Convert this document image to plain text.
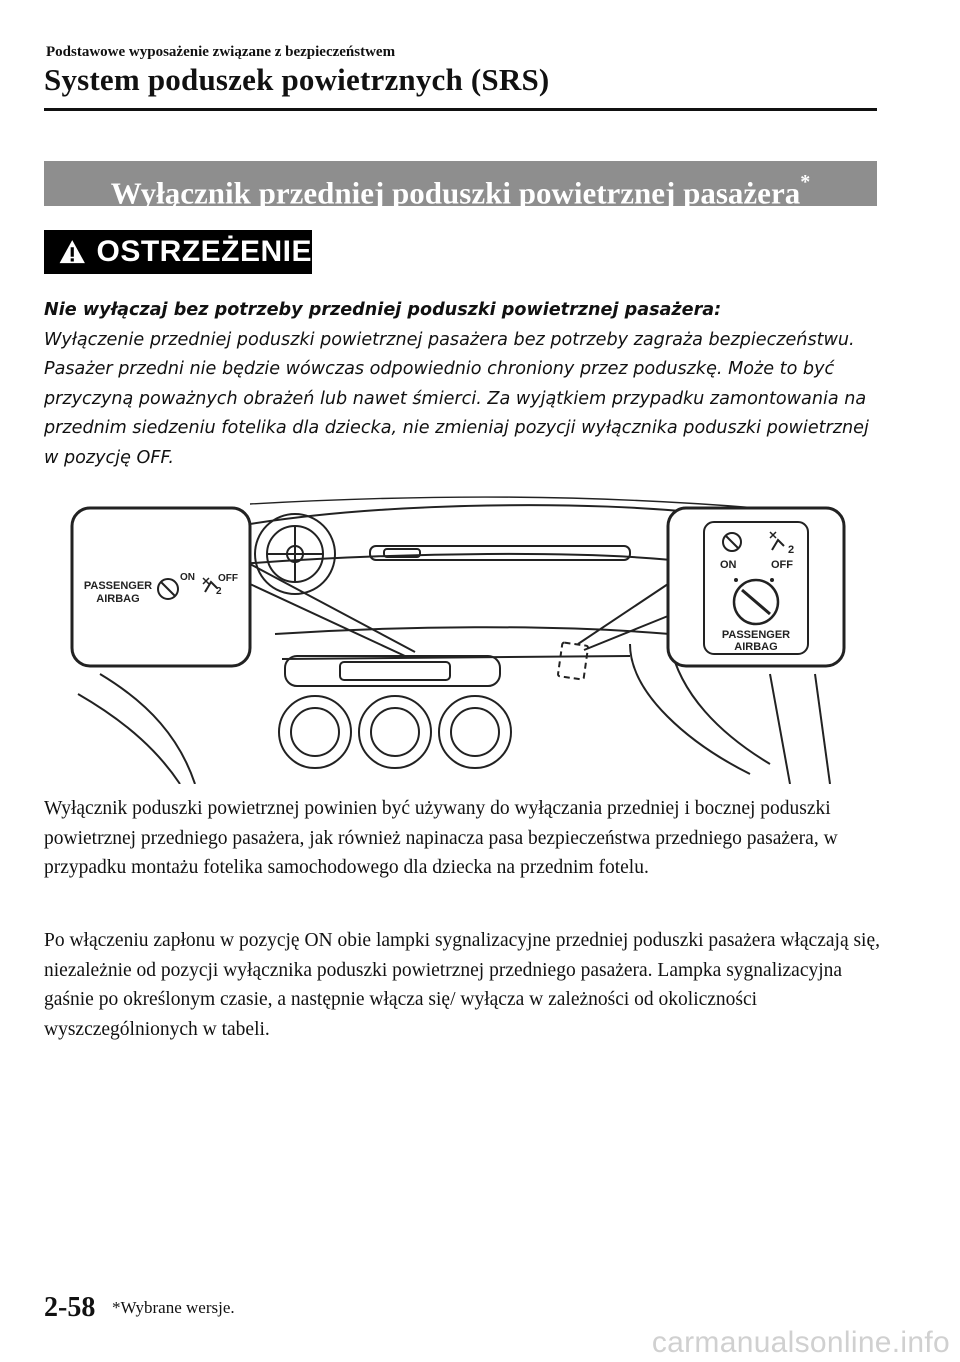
Podstawowe wyposażenie związane z bezpieczeństwem
System poduszek powietrznych (SRS)
Wyłącznik przedniej poduszki powietrznej pasażera*
OSTRZEŻENIE
Nie wyłączaj bez potrzeby przedniej poduszki powietrznej pasażera:
Wyłączenie przedniej poduszki powietrznej pasażera bez potrzeby zagraża bezpieczeństwu. Pasażer przedni nie będzie wówczas odpowiednio chroniony przez poduszkę. Może to być przyczyną poważnych obrażeń lub nawet śmierci. Za wyjątkiem przypadku zamontowania na przednim siedzeniu fotelika dla dziecka, nie zmieniaj pozycji wyłącznika poduszki powietrznej w pozycję OFF.
PASSENGER
AIRBAG
ON OFF
2
2
ON	OFF
PASSENGER
AIRBAG
Wyłącznik poduszki powietrznej powinien być używany do wyłączania przedniej i bocznej poduszki powietrznej przedniego pasażera, jak również napinacza pasa bezpieczeństwa przedniego pasażera, w przypadku montażu fotelika samochodowego dla dziecka na przednim fotelu.
Po włączeniu zapłonu w pozycję ON obie lampki sygnalizacyjne przedniej poduszki pasażera włączają się, niezależnie od pozycji wyłącznika poduszki powietrznej przedniego pasażera. Lampka sygnalizacyjna gaśnie po określonym czasie, a następnie włącza się/ wyłącza w zależności od okoliczności wyszczególnionych w tabeli.
2-58 *Wybrane wersje.
carmanualsonline.info
